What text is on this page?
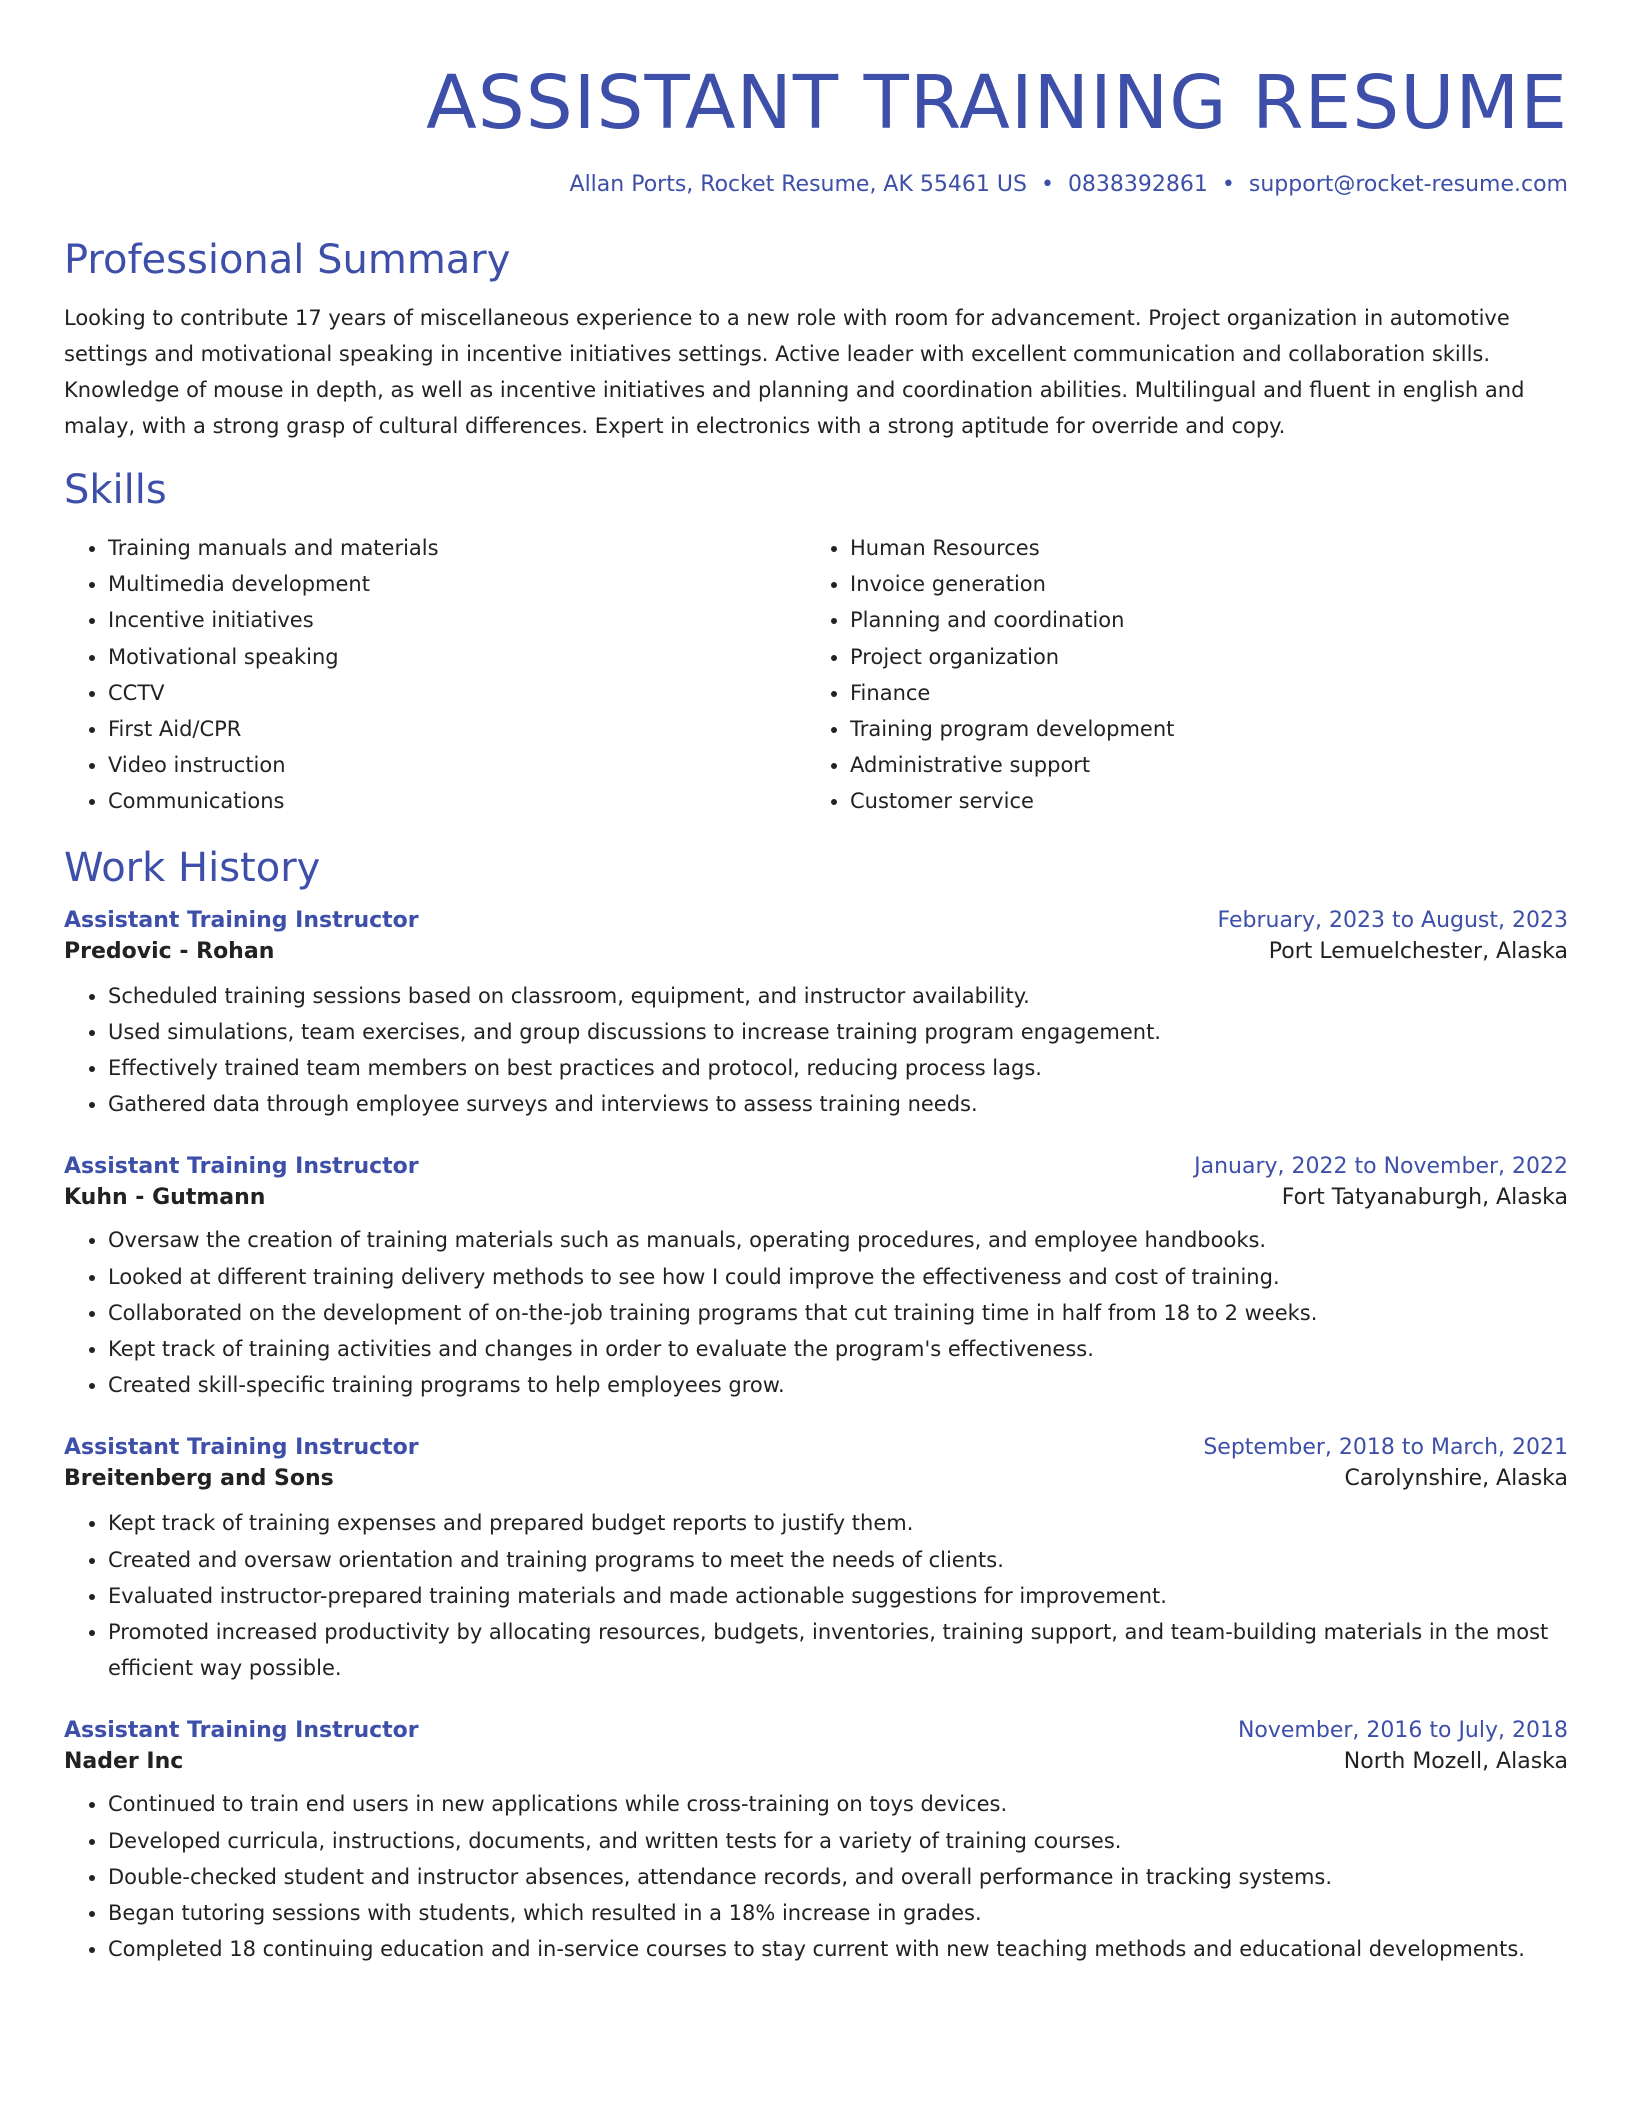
ASSISTANT TRAINING RESUME
Allan Ports, Rocket Resume, AK 55461 US • 0838392861 • support@rocket-resume.com
Professional Summary
Looking to contribute 17 years of miscellaneous experience to a new role with room for advancement. Project organization in automotive settings and motivational speaking in incentive initiatives settings. Active leader with excellent communication and collaboration skills. Knowledge of mouse in depth, as well as incentive initiatives and planning and coordination abilities. Multilingual and fluent in english and malay, with a strong grasp of cultural differences. Expert in electronics with a strong aptitude for override and copy.
Skills
• Training manuals and materials
• Multimedia development
• Incentive initiatives
• Motivational speaking
• CCTV
• First Aid/CPR
• Video instruction
• Communications
• Human Resources
• Invoice generation
• Planning and coordination
• Project organization
• Finance
• Training program development
• Administrative support
• Customer service
Work History
Assistant Training Instructor	February, 2023 to August, 2023
Predovic - Rohan	Port Lemuelchester, Alaska
• Scheduled training sessions based on classroom, equipment, and instructor availability.
• Used simulations, team exercises, and group discussions to increase training program engagement.
• Effectively trained team members on best practices and protocol, reducing process lags.
• Gathered data through employee surveys and interviews to assess training needs.
Assistant Training Instructor	January, 2022 to November, 2022
Kuhn - Gutmann	Fort Tatyanaburgh, Alaska
• Oversaw the creation of training materials such as manuals, operating procedures, and employee handbooks.
• Looked at different training delivery methods to see how I could improve the effectiveness and cost of training.
• Collaborated on the development of on-the-job training programs that cut training time in half from 18 to 2 weeks.
• Kept track of training activities and changes in order to evaluate the program's effectiveness.
• Created skill-specific training programs to help employees grow.
Assistant Training Instructor	September, 2018 to March, 2021
Breitenberg and Sons	Carolynshire, Alaska
• Kept track of training expenses and prepared budget reports to justify them.
• Created and oversaw orientation and training programs to meet the needs of clients.
• Evaluated instructor-prepared training materials and made actionable suggestions for improvement.
• Promoted increased productivity by allocating resources, budgets, inventories, training support, and team-building materials in the most efficient way possible.
Assistant Training Instructor	November, 2016 to July, 2018
Nader Inc	North Mozell, Alaska
• Continued to train end users in new applications while cross-training on toys devices.
• Developed curricula, instructions, documents, and written tests for a variety of training courses.
• Double-checked student and instructor absences, attendance records, and overall performance in tracking systems.
• Began tutoring sessions with students, which resulted in a 18% increase in grades.
• Completed 18 continuing education and in-service courses to stay current with new teaching methods and educational developments.
